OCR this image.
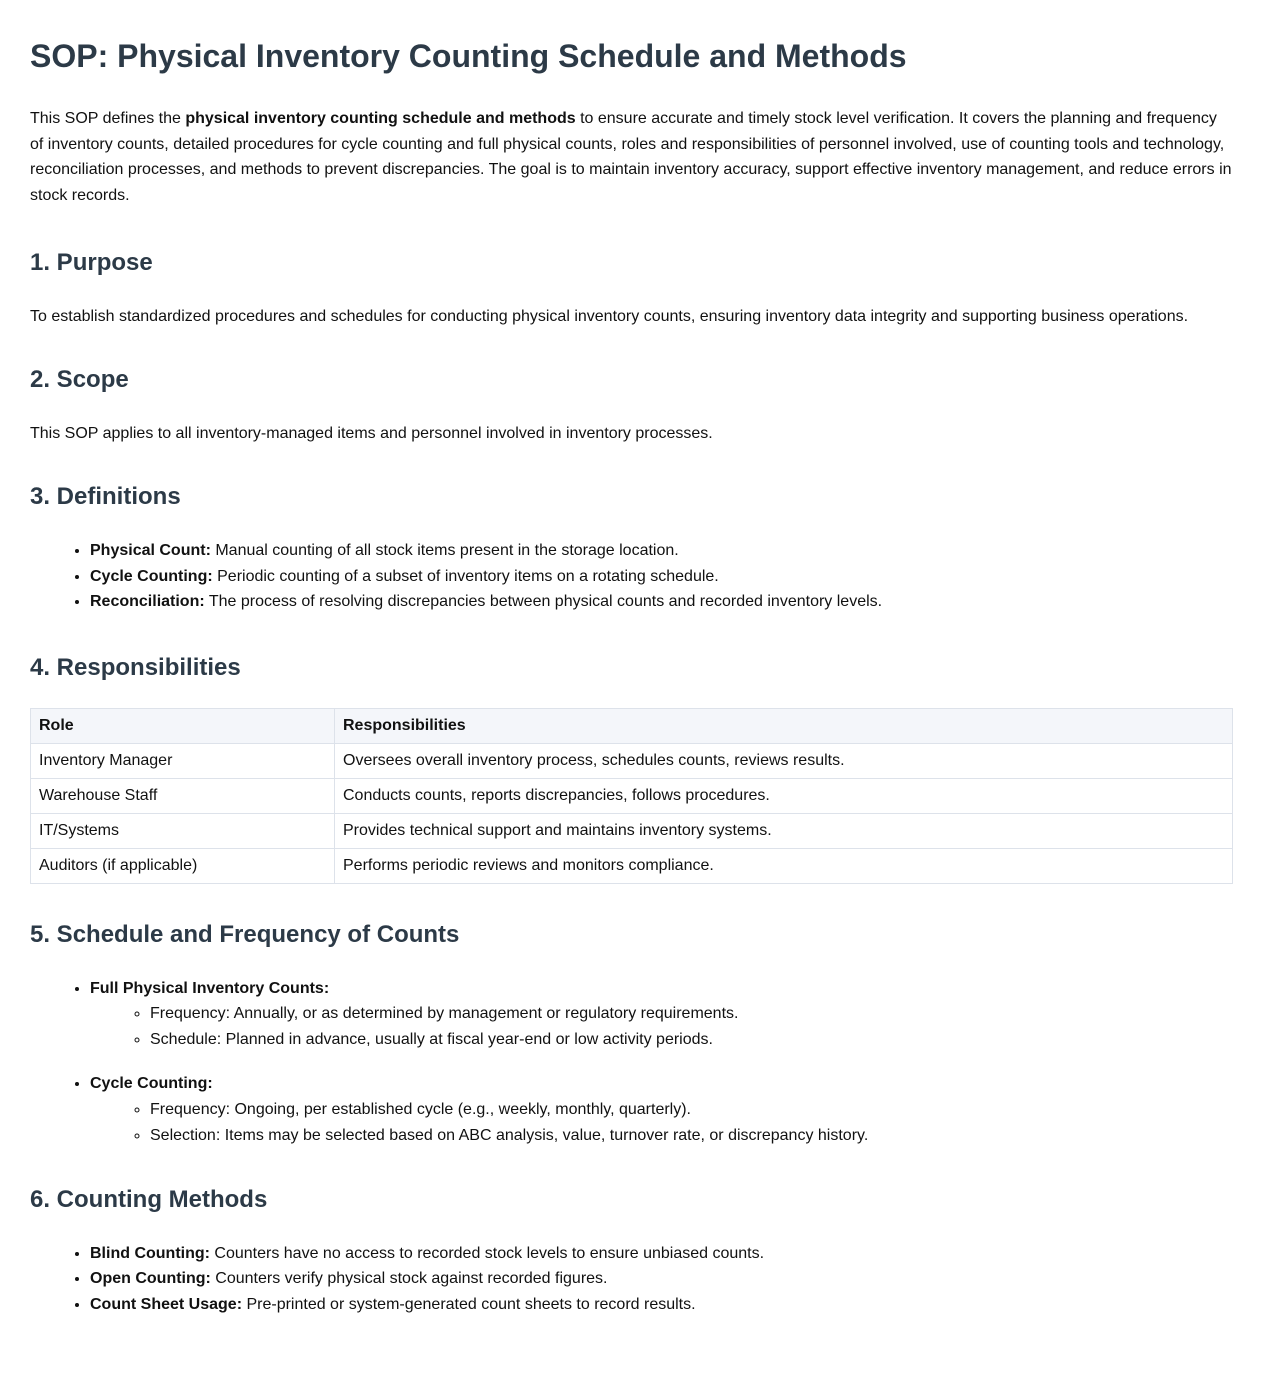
SOP: Physical Inventory Counting Schedule and Methods

This SOP defines the physical inventory counting schedule and methods to ensure accurate and timely stock level verification. It covers the planning and frequency of inventory counts, detailed procedures for cycle counting and full physical counts, roles and responsibilities of personnel involved, use of counting tools and technology, reconciliation processes, and methods to prevent discrepancies. The goal is to maintain inventory accuracy, support effective inventory management, and reduce errors in stock records.

1. Purpose

To establish standardized procedures and schedules for conducting physical inventory counts, ensuring inventory data integrity and supporting business operations.

2. Scope

This SOP applies to all inventory-managed items and personnel involved in inventory processes.

3. Definitions
• Physical Count: Manual counting of all stock items present in the storage location.
• Cycle Counting: Periodic counting of a subset of inventory items on a rotating schedule.
• Reconciliation: The process of resolving discrepancies between physical counts and recorded inventory levels.
4. Responsibilities
Role	Responsibilities
Inventory Manager	Oversees overall inventory process, schedules counts, reviews results.
Warehouse Staff	Conducts counts, reports discrepancies, follows procedures.
IT/Systems	Provides technical support and maintains inventory systems.
Auditors (if applicable)	Performs periodic reviews and monitors compliance.
5. Schedule and Frequency of Counts
• Full Physical Inventory Counts:
◦ Frequency: Annually, or as determined by management or regulatory requirements.
◦ Schedule: Planned in advance, usually at fiscal year-end or low activity periods.
• Cycle Counting:
◦ Frequency: Ongoing, per established cycle (e.g., weekly, monthly, quarterly).
◦ Selection: Items may be selected based on ABC analysis, value, turnover rate, or discrepancy history.
6. Counting Methods
• Blind Counting: Counters have no access to recorded stock levels to ensure unbiased counts.
• Open Counting: Counters verify physical stock against recorded figures.
• Count Sheet Usage: Pre-printed or system-generated count sheets to record results.
